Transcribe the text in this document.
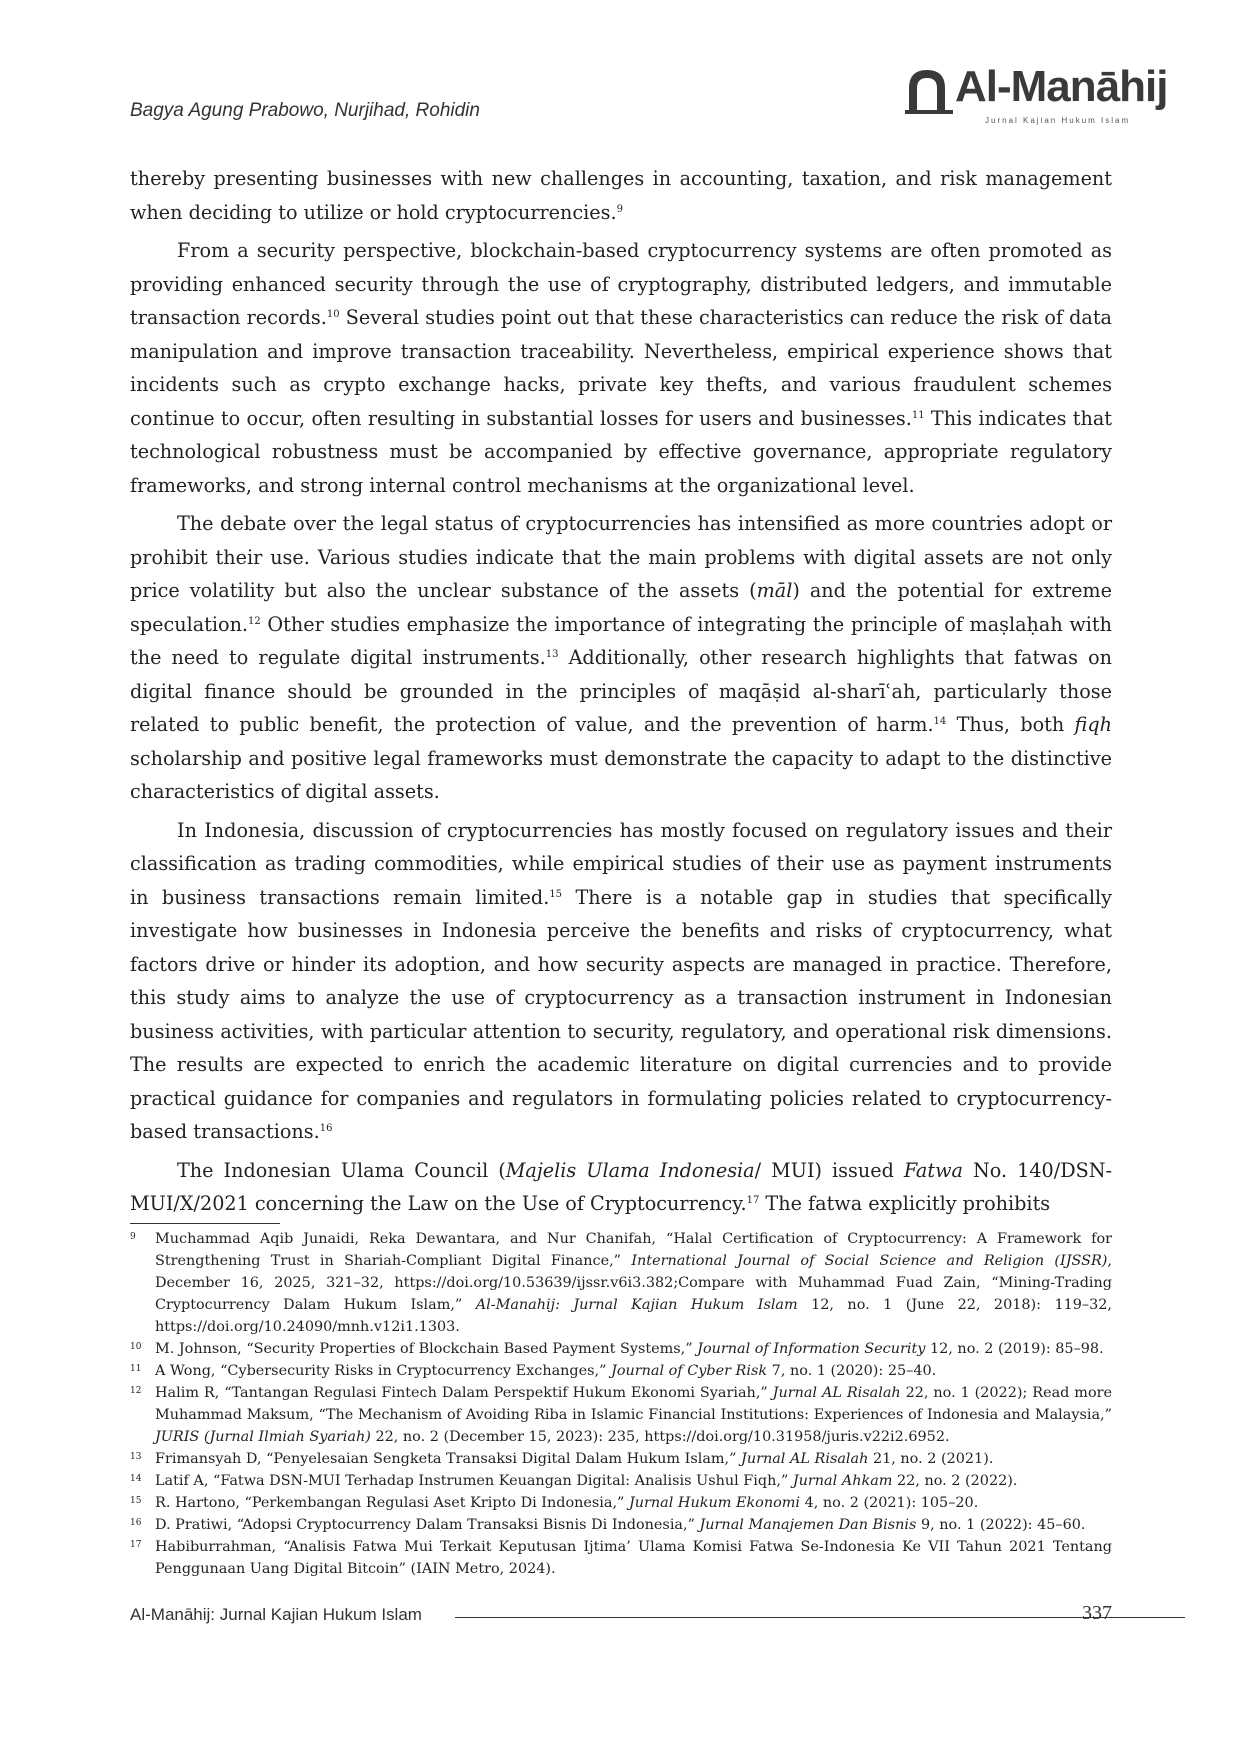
Bagya Agung Prabowo, Nurjihad, Rohidin	Al-Manāhij
Jurnal Kajian Hukum Islam

thereby presenting businesses with new challenges in accounting, taxation, and risk management when deciding to utilize or hold cryptocurrencies.$^9$

From a security perspective, blockchain-based cryptocurrency systems are often promoted as providing enhanced security through the use of cryptography, distributed ledgers, and immutable transaction records.$^{10}$ Several studies point out that these characteristics can reduce the risk of data manipulation and improve transaction traceability. Nevertheless, empirical experience shows that incidents such as crypto exchange hacks, private key thefts, and various fraudulent schemes continue to occur, often resulting in substantial losses for users and businesses.$^{11}$ This indicates that technological robustness must be accompanied by effective governance, appropriate regulatory frameworks, and strong internal control mechanisms at the organizational level.

The debate over the legal status of cryptocurrencies has intensified as more countries adopt or prohibit their use. Various studies indicate that the main problems with digital assets are not only price volatility but also the unclear substance of the assets (māl) and the potential for extreme speculation.$^{12}$ Other studies emphasize the importance of integrating the principle of maṣlaḥah with the need to regulate digital instruments.$^{13}$ Additionally, other research highlights that fatwas on digital finance should be grounded in the principles of maqāṣid al-sharīʿah, particularly those related to public benefit, the protection of value, and the prevention of harm.$^{14}$ Thus, both fiqh scholarship and positive legal frameworks must demonstrate the capacity to adapt to the distinctive characteristics of digital assets.

In Indonesia, discussion of cryptocurrencies has mostly focused on regulatory issues and their classification as trading commodities, while empirical studies of their use as payment instruments in business transactions remain limited.$^{15}$ There is a notable gap in studies that specifically investigate how businesses in Indonesia perceive the benefits and risks of cryptocurrency, what factors drive or hinder its adoption, and how security aspects are managed in practice. Therefore, this study aims to analyze the use of cryptocurrency as a transaction instrument in Indonesian business activities, with particular attention to security, regulatory, and operational risk dimensions. The results are expected to enrich the academic literature on digital currencies and to provide practical guidance for companies and regulators in formulating policies related to cryptocurrency-based transactions.$^{16}$

The Indonesian Ulama Council (Majelis Ulama Indonesia/ MUI) issued Fatwa No. 140/DSN-MUI/X/2021 concerning the Law on the Use of Cryptocurrency.$^{17}$ The fatwa explicitly prohibits

9	Muchammad Aqib Junaidi, Reka Dewantara, and Nur Chanifah, “Halal Certification of Cryptocurrency: A Framework for Strengthening Trust in Shariah-Compliant Digital Finance,” International Journal of Social Science and Religion (IJSSR), December 16, 2025, 321–32, https://doi.org/10.53639/ijssr.v6i3.382;Compare with Muhammad Fuad Zain, “Mining-Trading Cryptocurrency Dalam Hukum Islam,” Al-Manahij: Jurnal Kajian Hukum Islam 12, no. 1 (June 22, 2018): 119–32, https://doi.org/10.24090/mnh.v12i1.1303.
10 M. Johnson, “Security Properties of Blockchain Based Payment Systems,” Journal of Information Security 12, no. 2 (2019): 85–98.
11 A Wong, “Cybersecurity Risks in Cryptocurrency Exchanges,” Journal of Cyber Risk 7, no. 1 (2020): 25–40.
12 Halim R, “Tantangan Regulasi Fintech Dalam Perspektif Hukum Ekonomi Syariah,” Jurnal AL Risalah 22, no. 1 (2022); Read more Muhammad Maksum, “The Mechanism of Avoiding Riba in Islamic Financial Institutions: Experiences of Indonesia and Malaysia,” JURIS (Jurnal Ilmiah Syariah) 22, no. 2 (December 15, 2023): 235, https://doi.org/10.31958/juris.v22i2.6952.
13 Frimansyah D, “Penyelesaian Sengketa Transaksi Digital Dalam Hukum Islam,” Jurnal AL Risalah 21, no. 2 (2021).
14 Latif A, “Fatwa DSN-MUI Terhadap Instrumen Keuangan Digital: Analisis Ushul Fiqh,” Jurnal Ahkam 22, no. 2 (2022).
15 R. Hartono, “Perkembangan Regulasi Aset Kripto Di Indonesia,” Jurnal Hukum Ekonomi 4, no. 2 (2021): 105–20.
16 D. Pratiwi, “Adopsi Cryptocurrency Dalam Transaksi Bisnis Di Indonesia,” Jurnal Manajemen Dan Bisnis 9, no. 1 (2022): 45–60.
17 Habiburrahman, “Analisis Fatwa Mui Terkait Keputusan Ijtima’ Ulama Komisi Fatwa Se-Indonesia Ke VII Tahun 2021 Tentang Penggunaan Uang Digital Bitcoin” (IAIN Metro, 2024).
Al-Manāhij: Jurnal Kajian Hukum Islam	337
